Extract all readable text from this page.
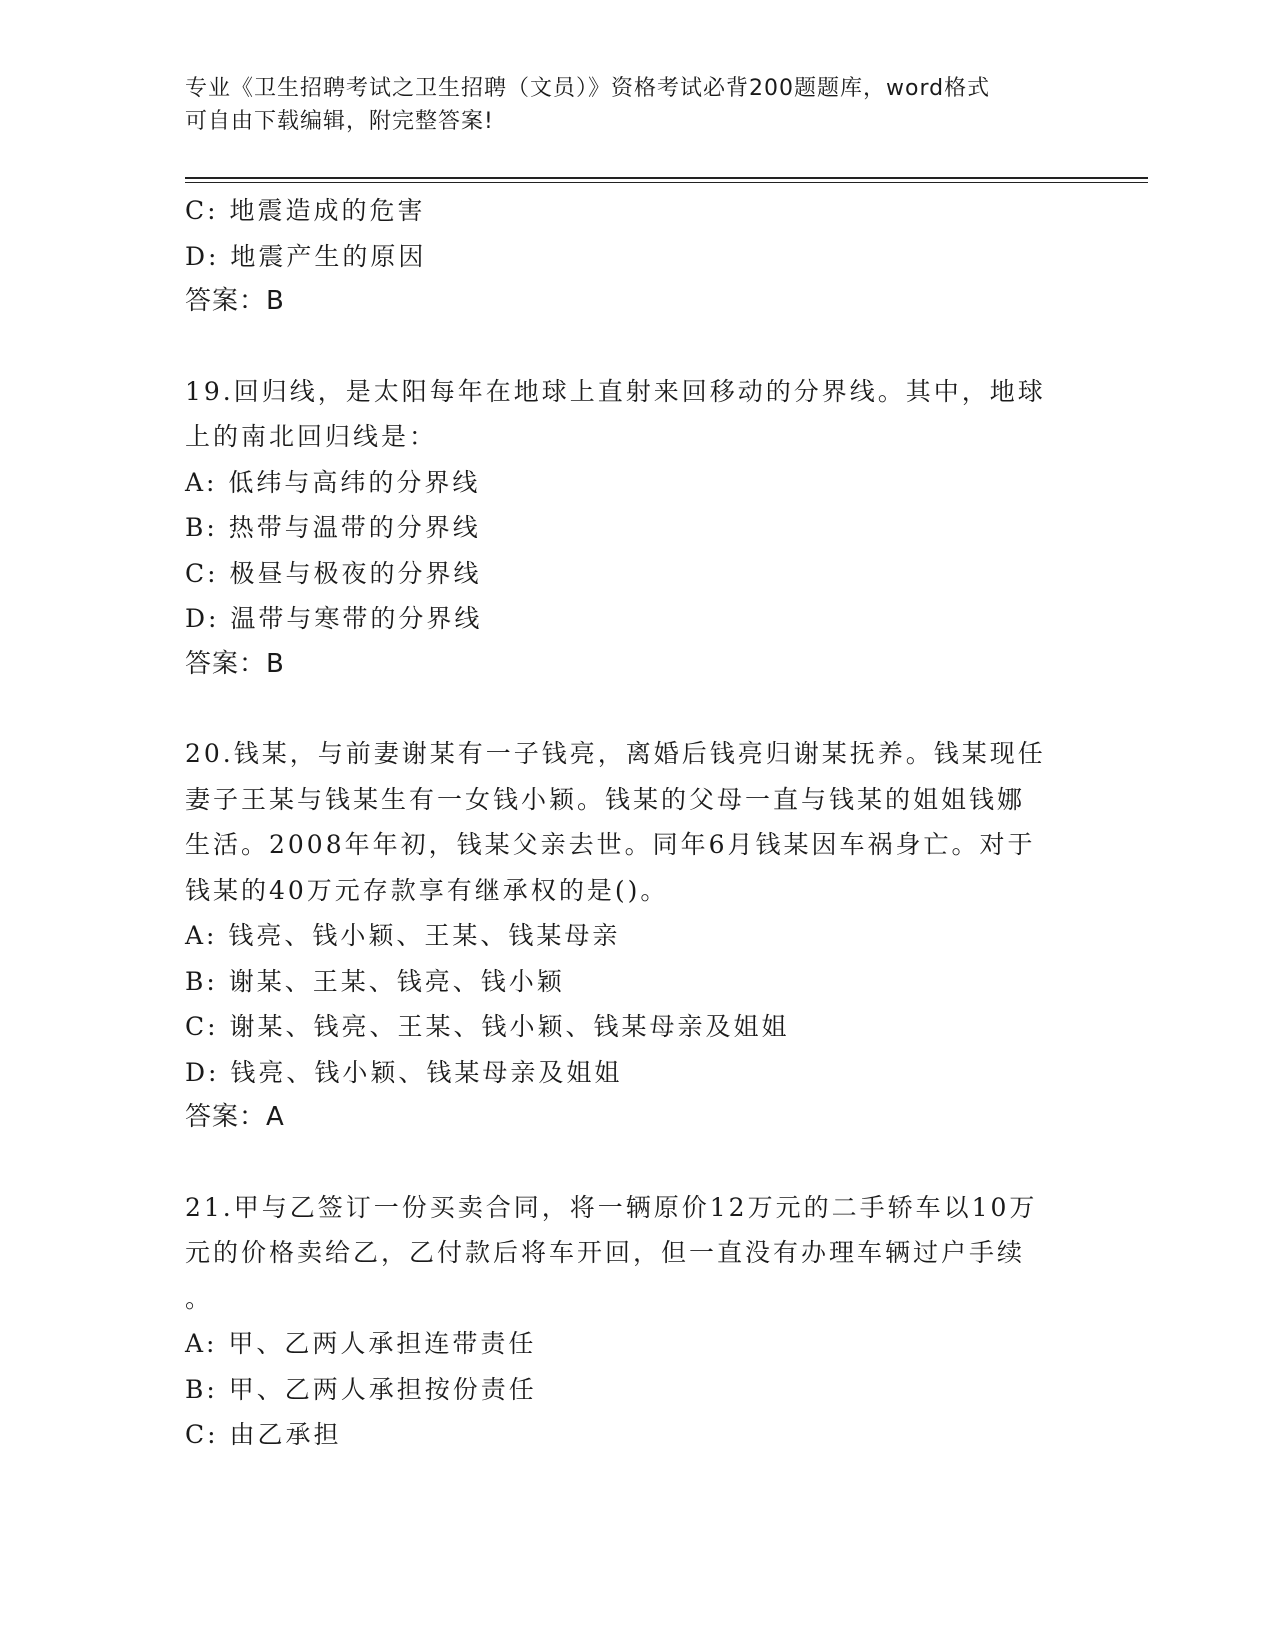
专业《卫生招聘考试之卫生招聘（文员）》资格考试必背200题题库，word格式
可自由下载编辑，附完整答案!
C: 地震造成的危害
D: 地震产生的原因
答案：B
19.回归线，是太阳每年在地球上直射来回移动的分界线。其中，地球
上的南北回归线是：
A: 低纬与高纬的分界线
B: 热带与温带的分界线
C: 极昼与极夜的分界线
D: 温带与寒带的分界线
答案：B
20.钱某，与前妻谢某有一子钱亮，离婚后钱亮归谢某抚养。钱某现任
妻子王某与钱某生有一女钱小颖。钱某的父母一直与钱某的姐姐钱娜
生活。2008年年初，钱某父亲去世。同年6月钱某因车祸身亡。对于
钱某的40万元存款享有继承权的是()。
A: 钱亮、钱小颖、王某、钱某母亲
B: 谢某、王某、钱亮、钱小颖
C: 谢某、钱亮、王某、钱小颖、钱某母亲及姐姐
D: 钱亮、钱小颖、钱某母亲及姐姐
答案：A
21.甲与乙签订一份买卖合同，将一辆原价12万元的二手轿车以10万
元的价格卖给乙，乙付款后将车开回，但一直没有办理车辆过户手续
。
A: 甲、乙两人承担连带责任
B: 甲、乙两人承担按份责任
C: 由乙承担
